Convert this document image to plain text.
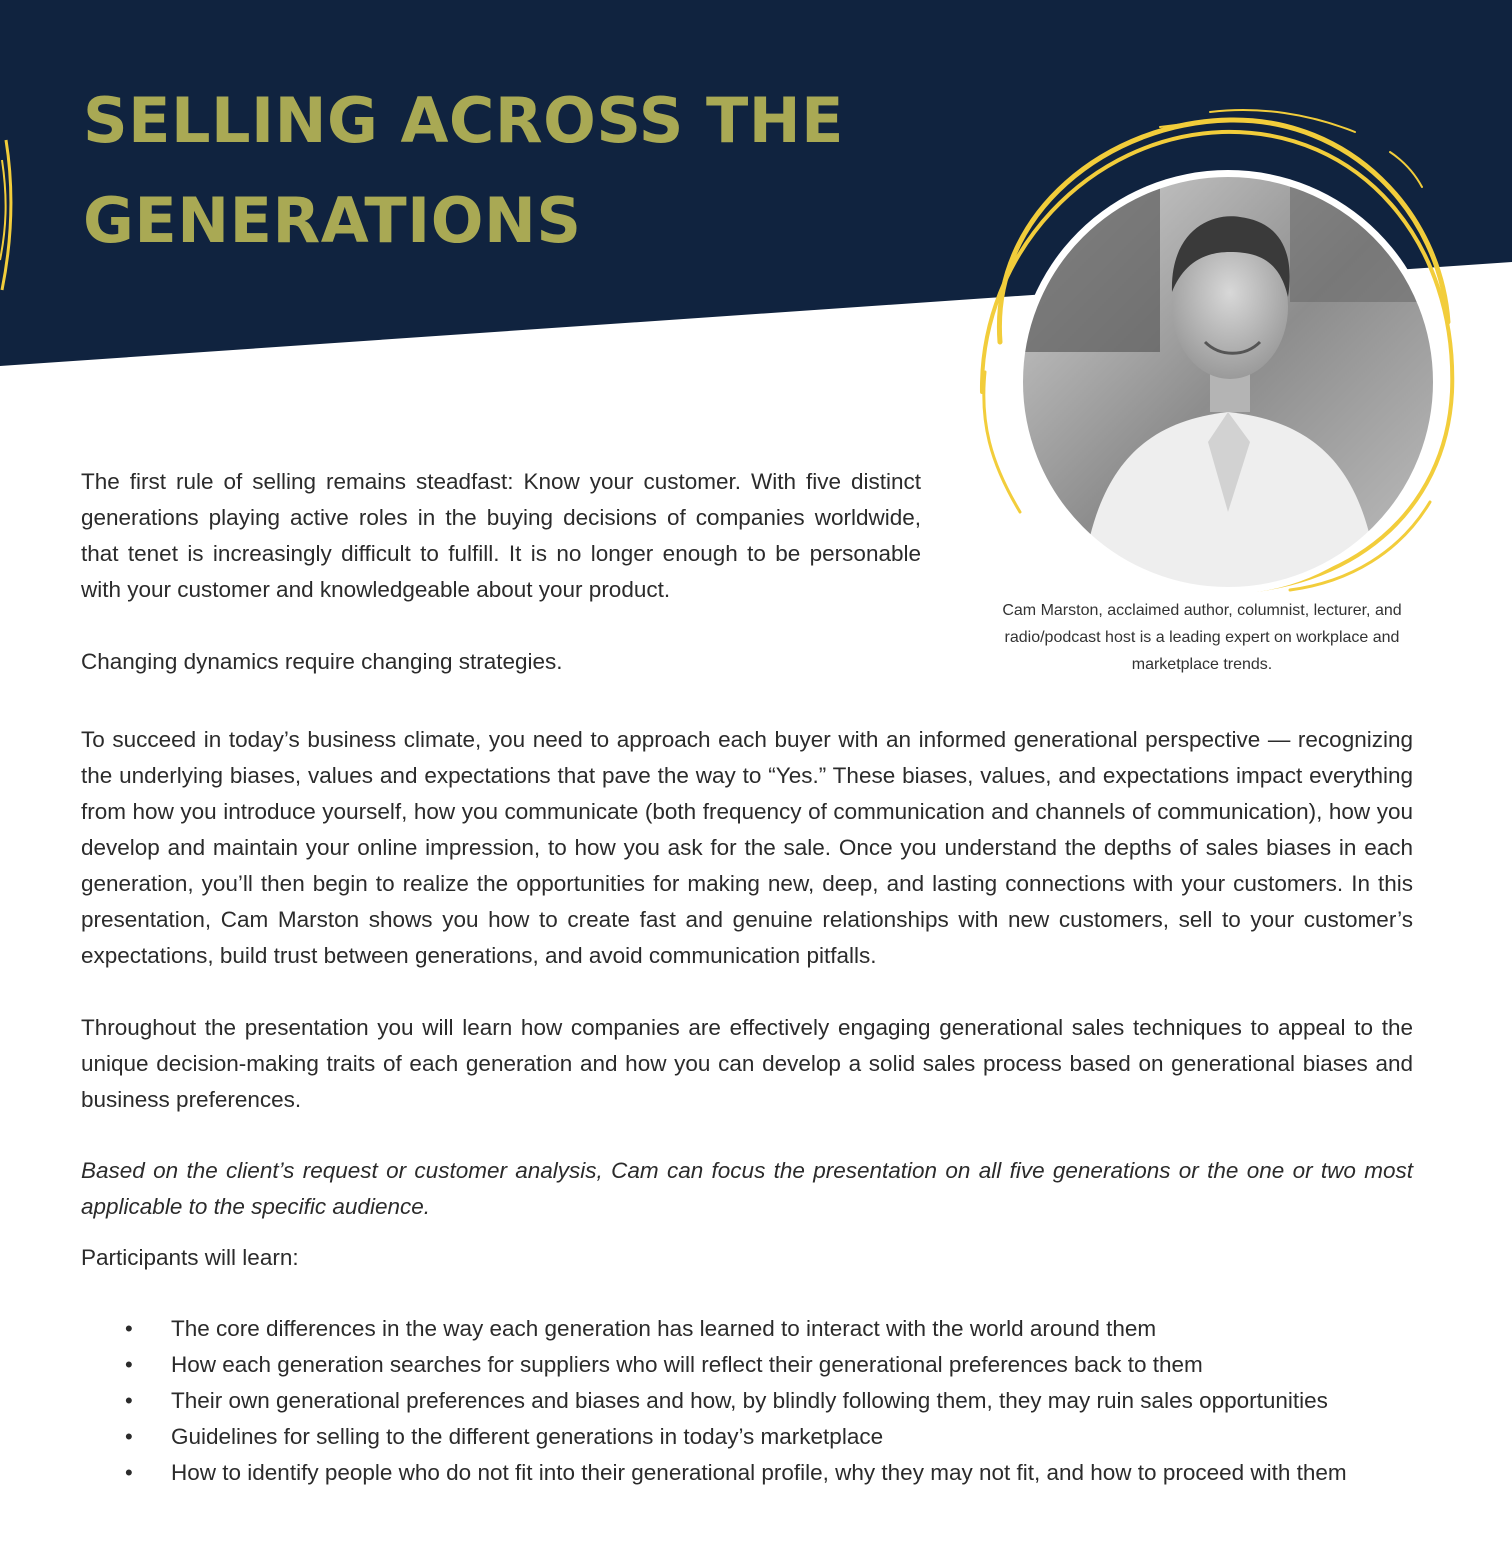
SELLING ACROSS THE
GENERATIONS
Cam Marston, acclaimed author, columnist, lecturer, and radio/podcast host is a leading expert on workplace and marketplace trends.

The first rule of selling remains steadfast: Know your customer. With five distinct generations playing active roles in the buying decisions of companies worldwide, that tenet is increasingly difficult to fulfill. It is no longer enough to be personable with your customer and knowledgeable about your product.

Changing dynamics require changing strategies.

To succeed in today’s business climate, you need to approach each buyer with an informed generational perspective — recognizing the underlying biases, values and expectations that pave the way to “Yes.” These biases, values, and expectations impact everything from how you introduce yourself, how you communicate (both frequency of communication and channels of communication), how you develop and maintain your online impression, to how you ask for the sale. Once you understand the depths of sales biases in each generation, you’ll then begin to realize the opportunities for making new, deep, and lasting connections with your customers. In this presentation, Cam Marston shows you how to create fast and genuine relationships with new customers, sell to your customer’s expectations, build trust between generations, and avoid communication pitfalls.

Throughout the presentation you will learn how companies are effectively engaging generational sales techniques to appeal to the unique decision-making traits of each generation and how you can develop a solid sales process based on generational biases and business preferences.

Based on the client’s request or customer analysis, Cam can focus the presentation on all five generations or the one or two most applicable to the specific audience.

Participants will learn:

• The core differences in the way each generation has learned to interact with the world around them
• How each generation searches for suppliers who will reflect their generational preferences back to them
• Their own generational preferences and biases and how, by blindly following them, they may ruin sales opportunities
• Guidelines for selling to the different generations in today’s marketplace
• How to identify people who do not fit into their generational profile, why they may not fit, and how to proceed with them
